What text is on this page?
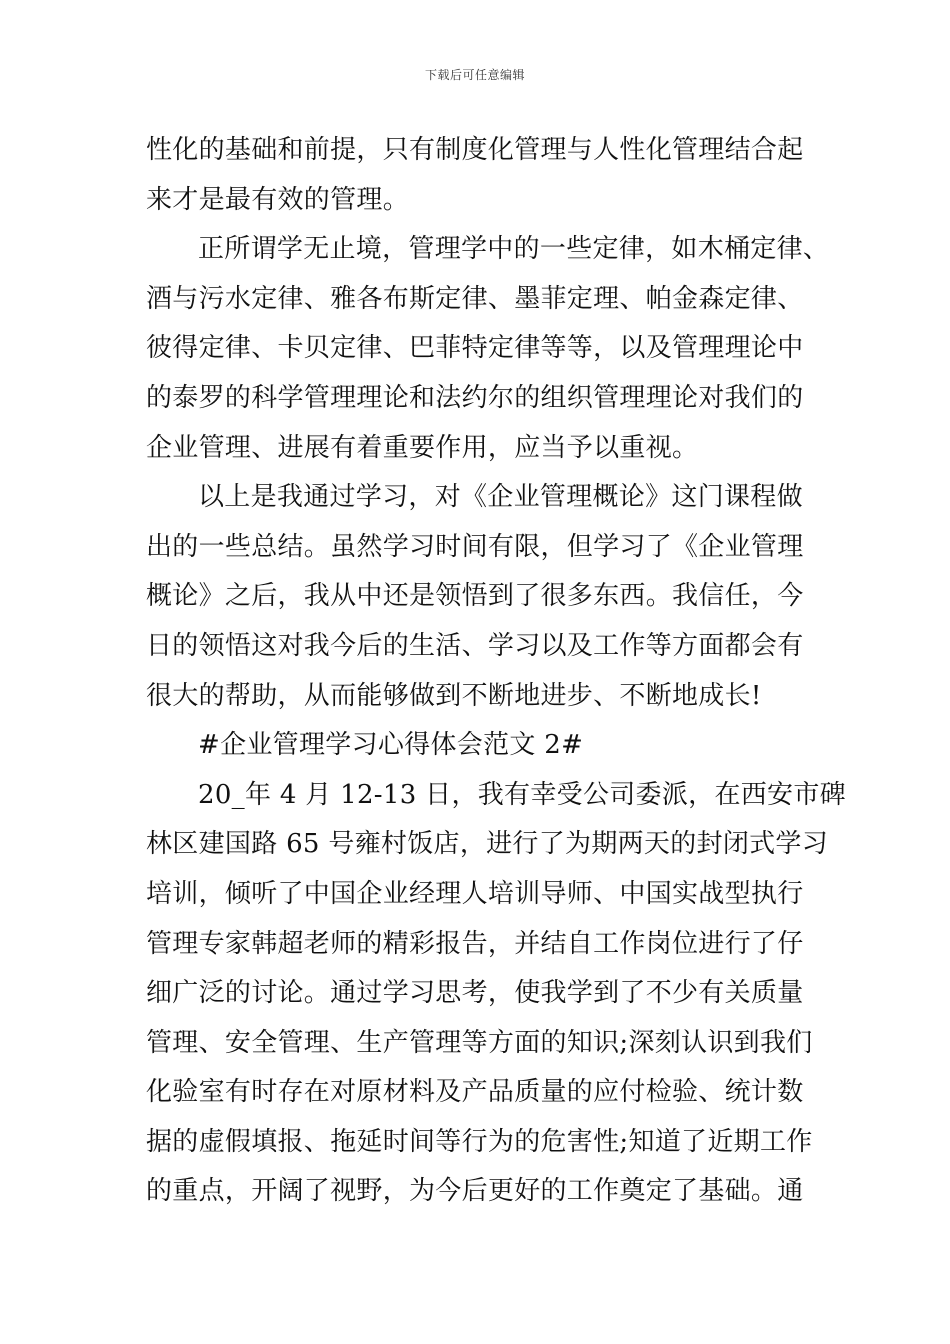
下载后可任意编辑
性化的基础和前提，只有制度化管理与人性化管理结合起
来才是最有效的管理。
正所谓学无止境，管理学中的一些定律，如木桶定律、
酒与污水定律、雅各布斯定律、墨菲定理、帕金森定律、
彼得定律、卡贝定律、巴菲特定律等等，以及管理理论中
的泰罗的科学管理理论和法约尔的组织管理理论对我们的
企业管理、进展有着重要作用，应当予以重视。
以上是我通过学习，对《企业管理概论》这门课程做
出的一些总结。虽然学习时间有限，但学习了《企业管理
概论》之后，我从中还是领悟到了很多东西。我信任，今
日的领悟这对我今后的生活、学习以及工作等方面都会有
很大的帮助，从而能够做到不断地进步、不断地成长!
#企业管理学习心得体会范文 2#
20_年 4 月 12-13 日，我有幸受公司委派，在西安市碑
林区建国路 65 号雍村饭店，进行了为期两天的封闭式学习
培训，倾听了中国企业经理人培训导师、中国实战型执行
管理专家韩超老师的精彩报告，并结自工作岗位进行了仔
细广泛的讨论。通过学习思考，使我学到了不少有关质量
管理、安全管理、生产管理等方面的知识;深刻认识到我们
化验室有时存在对原材料及产品质量的应付检验、统计数
据的虚假填报、拖延时间等行为的危害性;知道了近期工作
的重点，开阔了视野，为今后更好的工作奠定了基础。通
